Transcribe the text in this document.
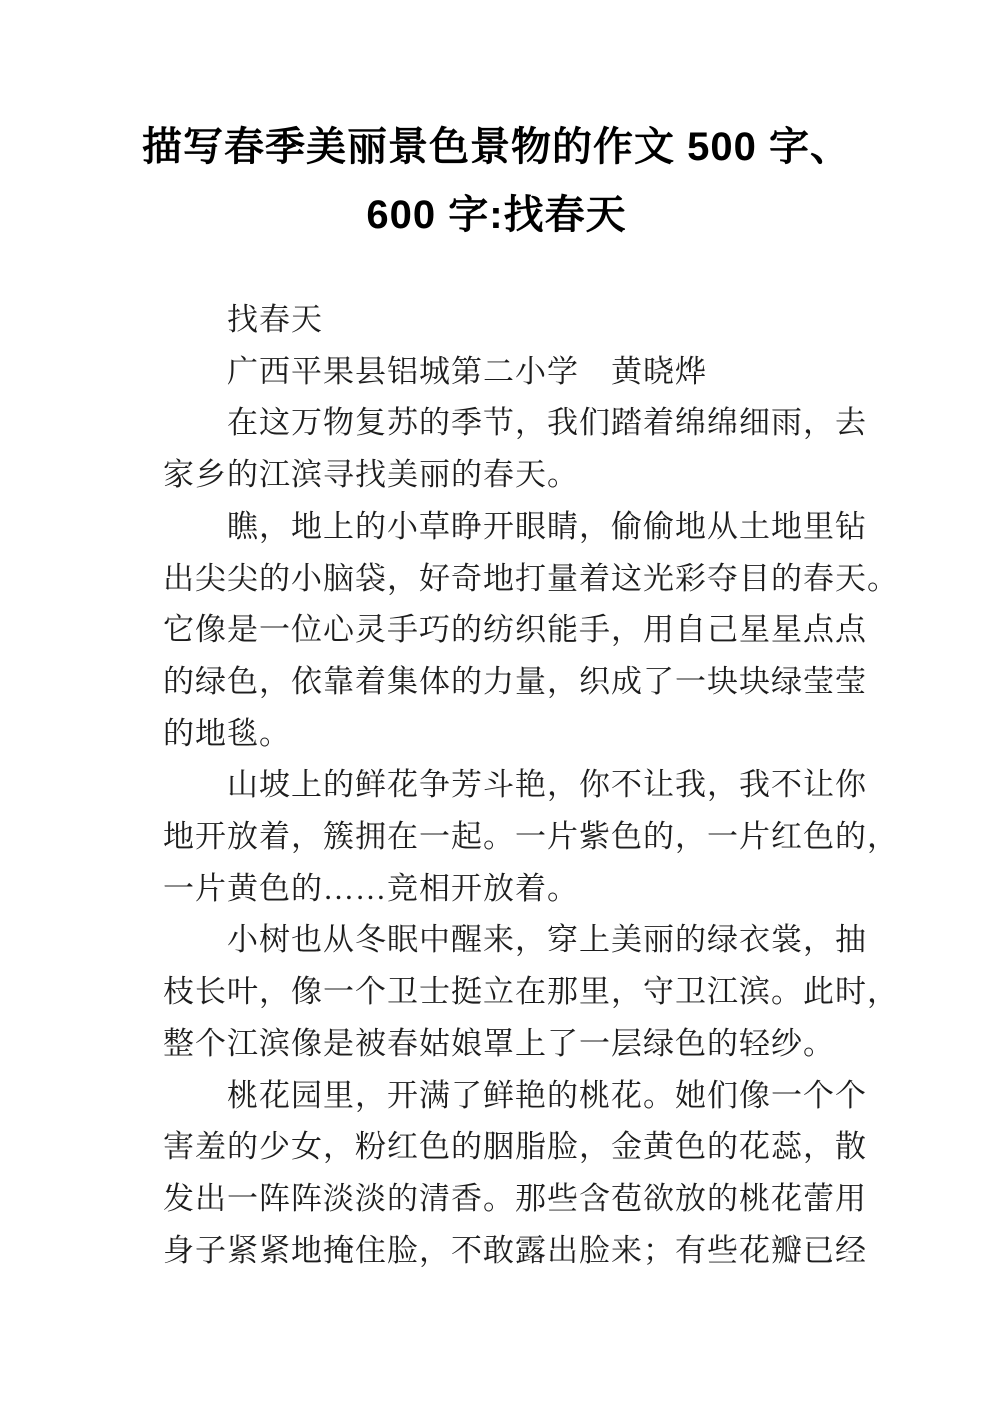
描写春季美丽景色景物的作文 500 字、
600 字:找春天
　　找春天
　　广西平果县铝城第二小学　黄晓烨
　　在这万物复苏的季节，我们踏着绵绵细雨，去
家乡的江滨寻找美丽的春天。
　　瞧，地上的小草睁开眼睛，偷偷地从土地里钻
出尖尖的小脑袋，好奇地打量着这光彩夺目的春天。
它像是一位心灵手巧的纺织能手，用自己星星点点
的绿色，依靠着集体的力量，织成了一块块绿莹莹
的地毯。
　　山坡上的鲜花争芳斗艳，你不让我，我不让你
地开放着，簇拥在一起。一片紫色的，一片红色的，
一片黄色的……竞相开放着。
　　小树也从冬眠中醒来，穿上美丽的绿衣裳，抽
枝长叶，像一个卫士挺立在那里，守卫江滨。此时，
整个江滨像是被春姑娘罩上了一层绿色的轻纱。
　　桃花园里，开满了鲜艳的桃花。她们像一个个
害羞的少女，粉红色的胭脂脸，金黄色的花蕊，散
发出一阵阵淡淡的清香。那些含苞欲放的桃花蕾用
身子紧紧地掩住脸，不敢露出脸来；有些花瓣已经
